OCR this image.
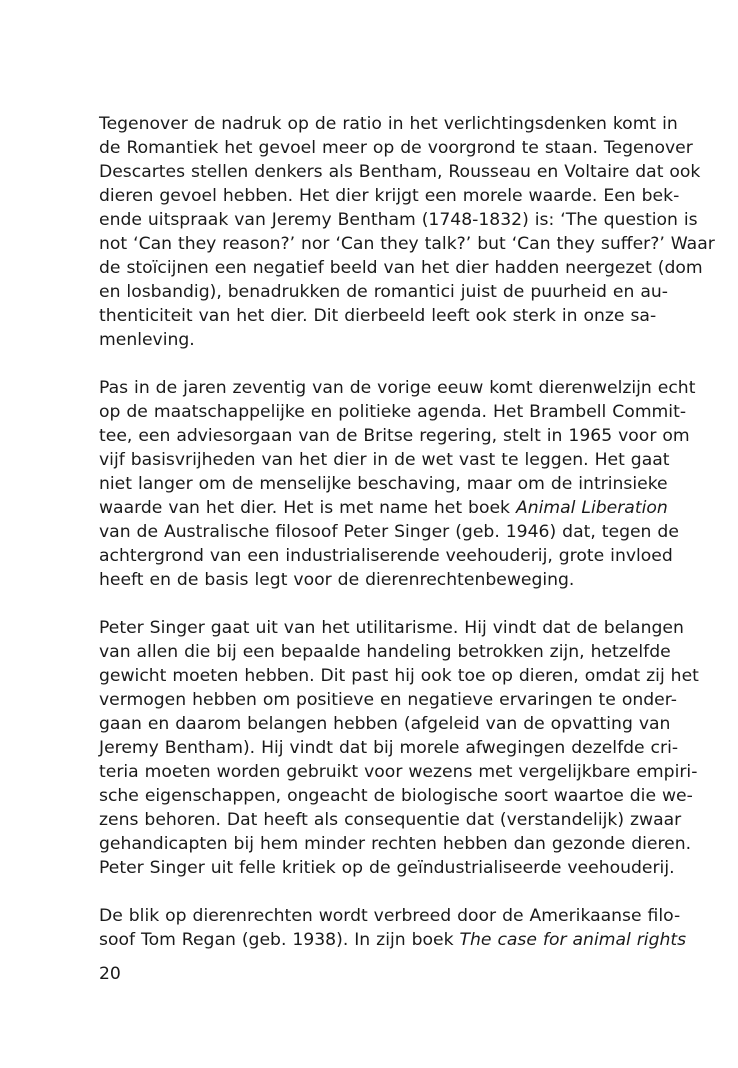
Tegenover de nadruk op de ratio in het verlichtingsdenken komt in
de Romantiek het gevoel meer op de voorgrond te staan. Tegenover
Descartes stellen denkers als Bentham, Rousseau en Voltaire dat ook
dieren gevoel hebben. Het dier krijgt een morele waarde. Een bek-
ende uitspraak van Jeremy Bentham (1748-1832) is: ‘The question is
not ‘Can they reason?’ nor ‘Can they talk?’ but ‘Can they suffer?’ Waar
de stoïcijnen een negatief beeld van het dier hadden neergezet (dom
en losbandig), benadrukken de romantici juist de puurheid en au-
thenticiteit van het dier. Dit dierbeeld leeft ook sterk in onze sa-
menleving.

Pas in de jaren zeventig van de vorige eeuw komt dierenwelzijn echt
op de maatschappelijke en politieke agenda. Het Brambell Commit-
tee, een adviesorgaan van de Britse regering, stelt in 1965 voor om
vijf basisvrijheden van het dier in de wet vast te leggen. Het gaat
niet langer om de menselijke beschaving, maar om de intrinsieke
waarde van het dier. Het is met name het boek Animal Liberation
van de Australische filosoof Peter Singer (geb. 1946) dat, tegen de
achtergrond van een industrialiserende veehouderij, grote invloed
heeft en de basis legt voor de dierenrechtenbeweging.

Peter Singer gaat uit van het utilitarisme. Hij vindt dat de belangen
van allen die bij een bepaalde handeling betrokken zijn, hetzelfde
gewicht moeten hebben. Dit past hij ook toe op dieren, omdat zij het
vermogen hebben om positieve en negatieve ervaringen te onder-
gaan en daarom belangen hebben (afgeleid van de opvatting van
Jeremy Bentham). Hij vindt dat bij morele afwegingen dezelfde cri-
teria moeten worden gebruikt voor wezens met vergelijkbare empiri-
sche eigenschappen, ongeacht de biologische soort waartoe die we-
zens behoren. Dat heeft als consequentie dat (verstandelijk) zwaar
gehandicapten bij hem minder rechten hebben dan gezonde dieren.
Peter Singer uit felle kritiek op de geïndustrialiseerde veehouderij.

De blik op dierenrechten wordt verbreed door de Amerikaanse filo-
soof Tom Regan (geb. 1938). In zijn boek The case for animal rights

20
